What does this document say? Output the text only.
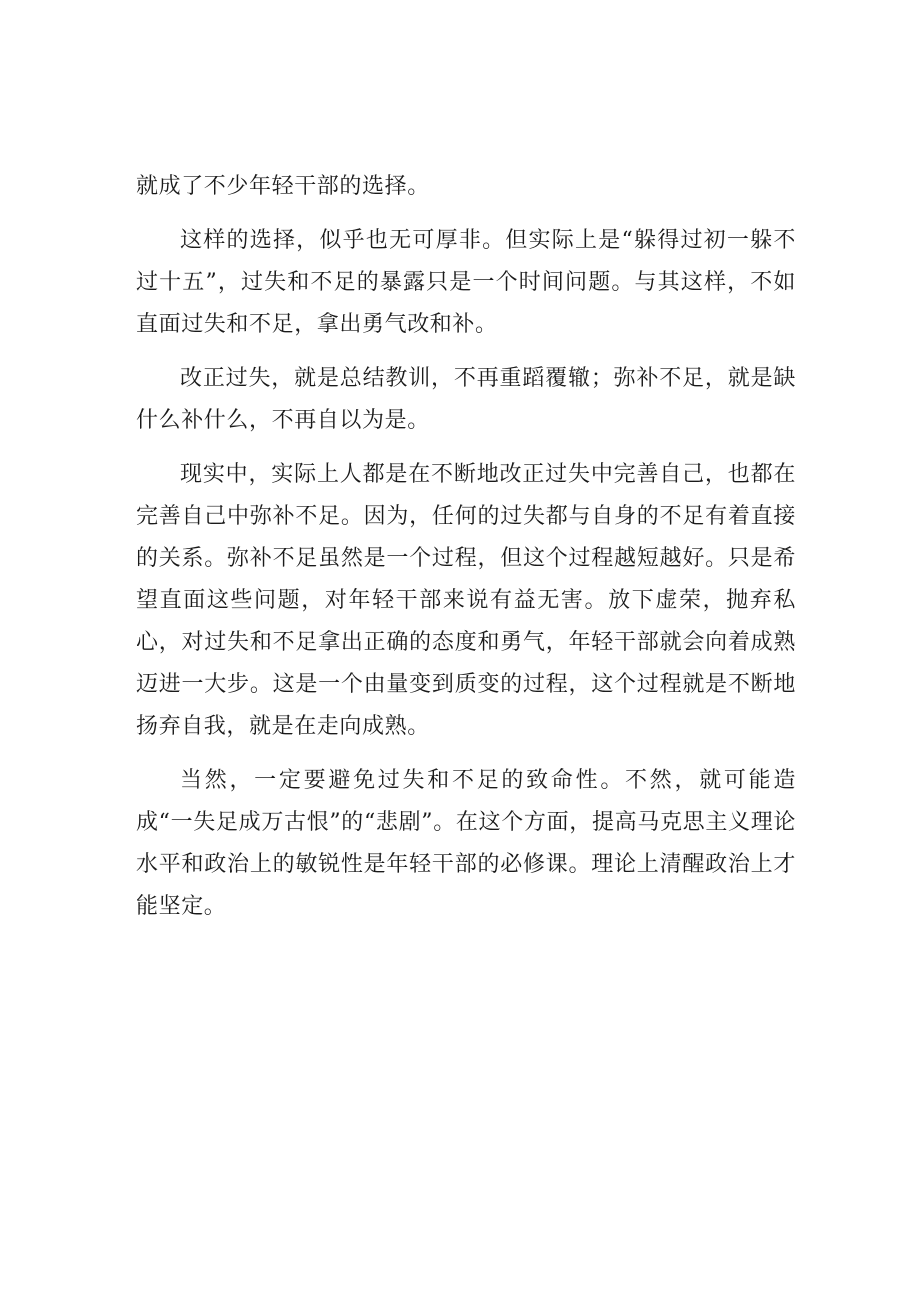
就成了不少年轻干部的选择。

这样的选择，似乎也无可厚非。但实际上是“躲得过初一躲不过十五”，过失和不足的暴露只是一个时间问题。与其这样，不如直面过失和不足，拿出勇气改和补。

改正过失，就是总结教训，不再重蹈覆辙；弥补不足，就是缺什么补什么，不再自以为是。

现实中，实际上人都是在不断地改正过失中完善自己，也都在完善自己中弥补不足。因为，任何的过失都与自身的不足有着直接的关系。弥补不足虽然是一个过程，但这个过程越短越好。只是希望直面这些问题，对年轻干部来说有益无害。放下虚荣，抛弃私心，对过失和不足拿出正确的态度和勇气，年轻干部就会向着成熟迈进一大步。这是一个由量变到质变的过程，这个过程就是不断地扬弃自我，就是在走向成熟。

当然，一定要避免过失和不足的致命性。不然，就可能造成“一失足成万古恨”的“悲剧”。在这个方面，提高马克思主义理论水平和政治上的敏锐性是年轻干部的必修课。理论上清醒政治上才能坚定。
